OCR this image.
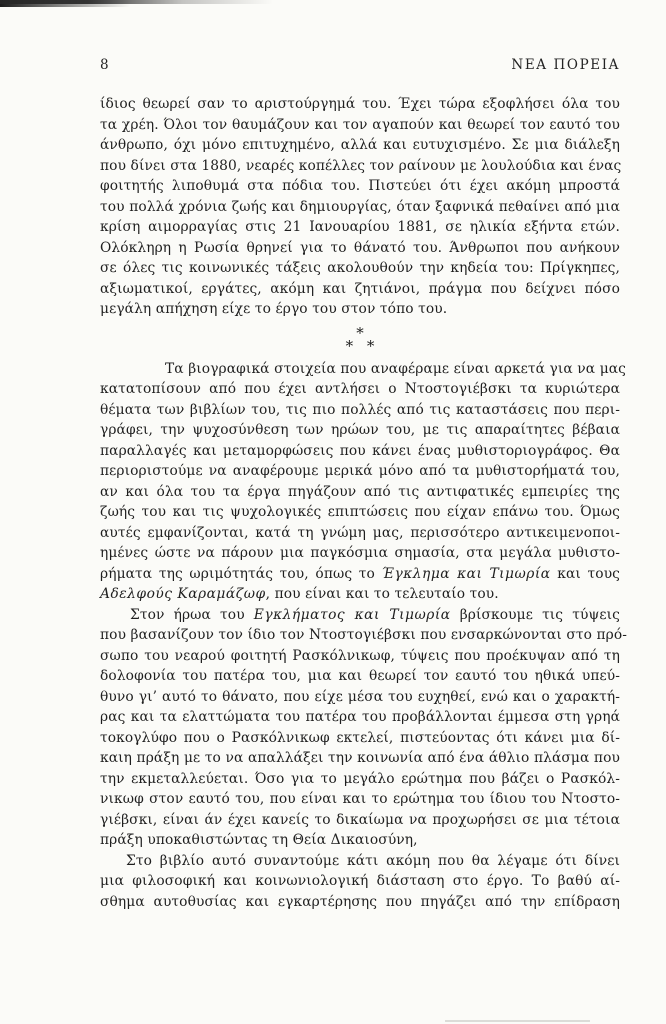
8	ΝΕΑ ΠΟΡΕΙΑ
ίδιος θεωρεί σαν το αριστούργημά του. Έχει τώρα εξοφλήσει όλα του
τα χρέη. Όλοι τον θαυμάζουν και τον αγαπούν και θεωρεί τον εαυτό του
άνθρωπο, όχι μόνο επιτυχημένο, αλλά και ευτυχισμένο. Σε μια διάλεξη
που δίνει στα 1880, νεαρές κοπέλλες τον ραίνουν με λουλούδια και ένας
φοιτητής λιποθυμά στα πόδια του. Πιστεύει ότι έχει ακόμη μπροστά
του πολλά χρόνια ζωής και δημιουργίας, όταν ξαφνικά πεθαίνει από μια
κρίση αιμορραγίας στις 21 Ιανουαρίου 1881, σε ηλικία εξήντα ετών.
Ολόκληρη η Ρωσία θρηνεί για το θάνατό του. Άνθρωποι που ανήκουν
σε όλες τις κοινωνικές τάξεις ακολουθούν την κηδεία του: Πρίγκηπες,
αξιωματικοί, εργάτες, ακόμη και ζητιάνοι, πράγμα που δείχνει πόσο
μεγάλη απήχηση είχε το έργο του στον τόπο του.
*
* *
Τα βιογραφικά στοιχεία που αναφέραμε είναι αρκετά για να μας
κατατοπίσουν από που έχει αντλήσει ο Ντοστογιέβσκι τα κυριώτερα
θέματα των βιβλίων του, τις πιο πολλές από τις καταστάσεις που περι-
γράφει, την ψυχοσύνθεση των ηρώων του, με τις απαραίτητες βέβαια
παραλλαγές και μεταμορφώσεις που κάνει ένας μυθιστοριογράφος. Θα
περιοριστούμε να αναφέρουμε μερικά μόνο από τα μυθιστορήματά του,
αν και όλα του τα έργα πηγάζουν από τις αντιφατικές εμπειρίες της
ζωής του και τις ψυχολογικές επιπτώσεις που είχαν επάνω του. Όμως
αυτές εμφανίζονται, κατά τη γνώμη μας, περισσότερο αντικειμενοποι-
ημένες ώστε να πάρουν μια παγκόσμια σημασία, στα μεγάλα μυθιστο-
ρήματα της ωριμότητάς του, όπως το Έγκλημα και Τιμωρία και τους
Αδελφούς Καραμάζωφ, που είναι και το τελευταίο του.
Στον ήρωα του Εγκλήματος και Τιμωρία βρίσκουμε τις τύψεις
που βασανίζουν τον ίδιο τον Ντοστογιέβσκι που ενσαρκώνονται στο πρό-
σωπο του νεαρού φοιτητή Ρασκόλνικωφ, τύψεις που προέκυψαν από τη
δολοφονία του πατέρα του, μια και θεωρεί τον εαυτό του ηθικά υπεύ-
θυνο γι’ αυτό το θάνατο, που είχε μέσα του ευχηθεί, ενώ και ο χαρακτή-
ρας και τα ελαττώματα του πατέρα του προβάλλονται έμμεσα στη γρηά
τοκογλύφο που ο Ρασκόλνικωφ εκτελεί, πιστεύοντας ότι κάνει μια δί-
καιη πράξη με το να απαλλάξει την κοινωνία από ένα άθλιο πλάσμα που
την εκμεταλλεύεται. Όσο για το μεγάλο ερώτημα που βάζει ο Ρασκόλ-
νικωφ στον εαυτό του, που είναι και το ερώτημα του ίδιου του Ντοστο-
γιέβσκι, είναι άν έχει κανείς το δικαίωμα να προχωρήσει σε μια τέτοια
πράξη υποκαθιστώντας τη Θεία Δικαιοσύνη,
Στο βιβλίο αυτό συναντούμε κάτι ακόμη που θα λέγαμε ότι δίνει
μια φιλοσοφική και κοινωνιολογική διάσταση στο έργο. Το βαθύ αί-
σθημα αυτοθυσίας και εγκαρτέρησης που πηγάζει από την επίδραση
